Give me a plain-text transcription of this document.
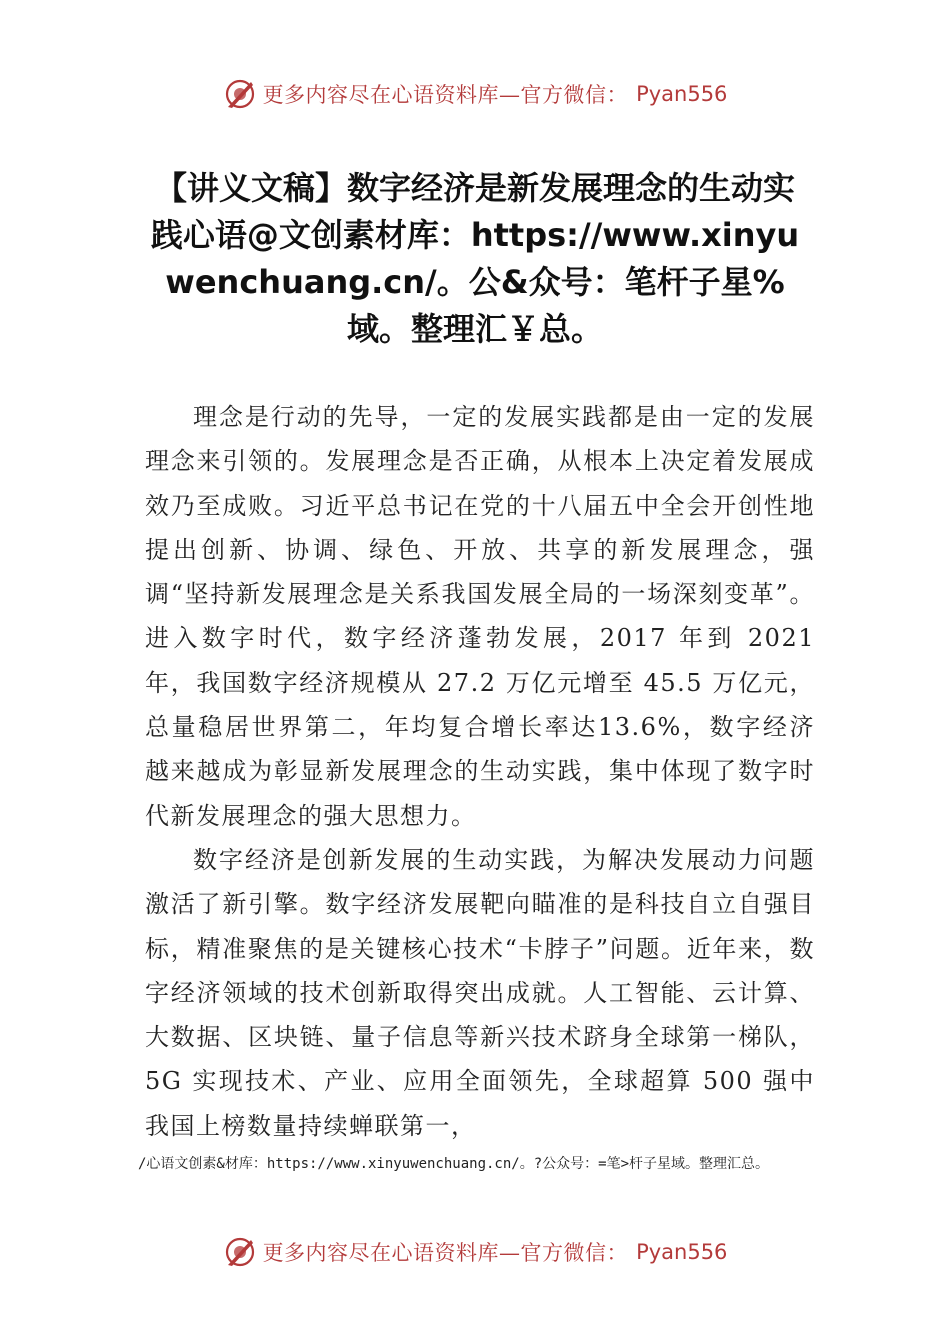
更多内容尽在心语资料库—官方微信： Pyan556
【讲义文稿】数字经济是新发展理念的生动实践心语@文创素材库：https://www.xinyuwenchuang.cn/。公&众号：笔杆子星%域。整理汇￥总。

理念是行动的先导，一定的发展实践都是由一定的发展理念来引领的。发展理念是否正确，从根本上决定着发展成效乃至成败。习近平总书记在党的十八届五中全会开创性地提出创新、协调、绿色、开放、共享的新发展理念，强调“坚持新发展理念是关系我国发展全局的一场深刻变革”。进入数字时代，数字经济蓬勃发展，2017 年到 2021 年，我国数字经济规模从 27.2 万亿元增至 45.5 万亿元，总量稳居世界第二，年均复合增长率达13.6%，数字经济越来越成为彰显新发展理念的生动实践，集中体现了数字时代新发展理念的强大思想力。

数字经济是创新发展的生动实践，为解决发展动力问题激活了新引擎。数字经济发展靶向瞄准的是科技自立自强目标，精准聚焦的是关键核心技术“卡脖子”问题。近年来，数字经济领域的技术创新取得突出成就。人工智能、云计算、大数据、区块链、量子信息等新兴技术跻身全球第一梯队，5G 实现技术、产业、应用全面领先，全球超算 500 强中我国上榜数量持续蝉联第一，

/心语文创素&材库：https://www.xinyuwenchuang.cn/。?公众号：=笔>杆子星域。整理汇总。
更多内容尽在心语资料库—官方微信： Pyan556
